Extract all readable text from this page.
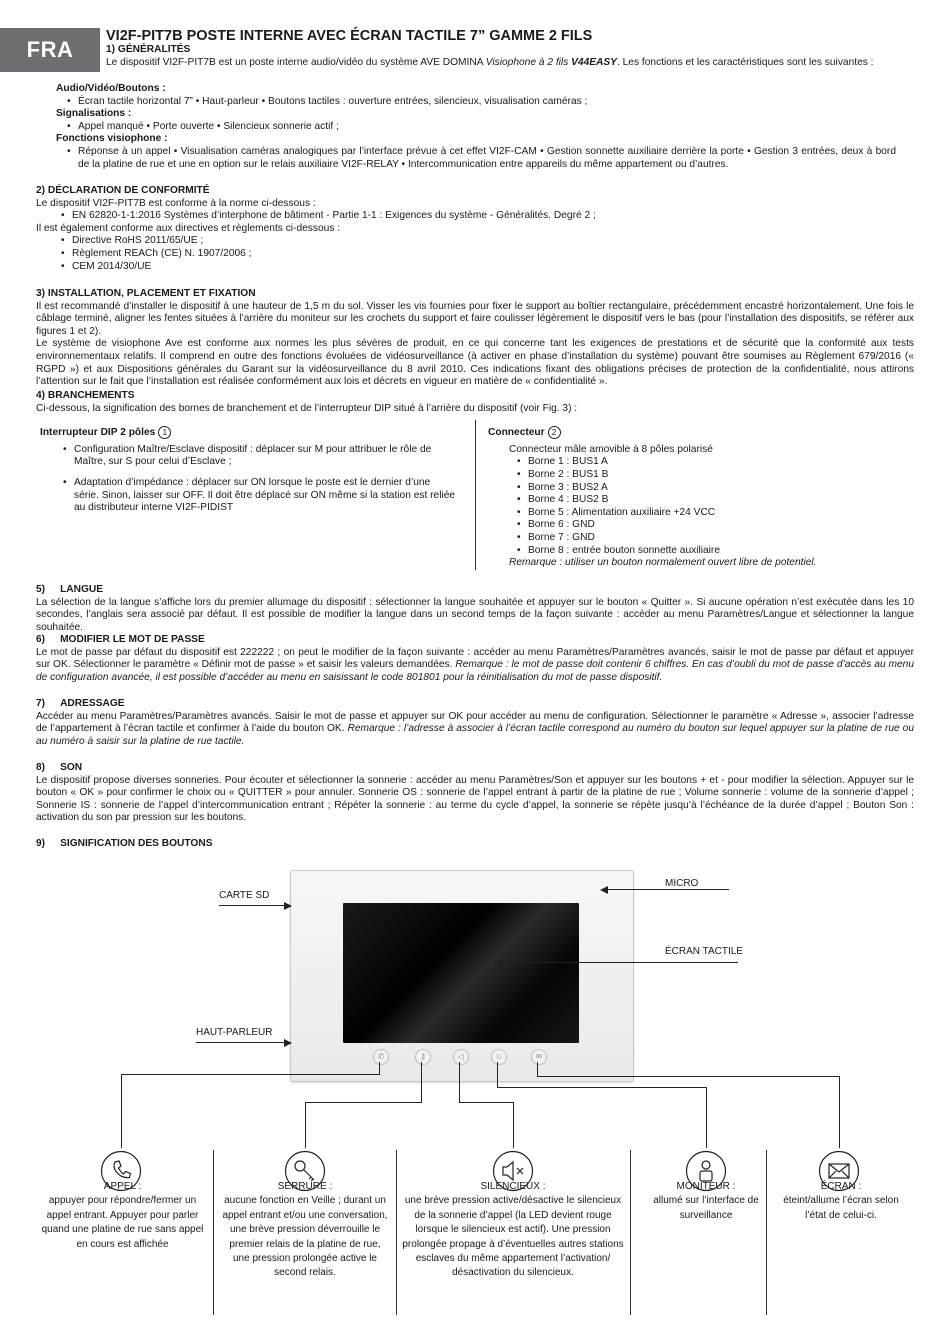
FRA
VI2F-PIT7B POSTE INTERNE AVEC ÉCRAN TACTILE 7” GAMME 2 FILS
1) GÉNÉRALITÉS
Le dispositif VI2F-PIT7B est un poste interne audio/vidéo du système AVE DOMINA Visiophone à 2 fils V44EASY. Les fonctions et les caractéristiques sont les suivantes :
Audio/Vidéo/Boutons :
• Écran tactile horizontal 7” • Haut-parleur • Boutons tactiles : ouverture entrées, silencieux, visualisation caméras ;
Signalisations :
• Appel manqué • Porte ouverte • Silencieux sonnerie actif ;
Fonctions visiophone :
• Réponse à un appel • Visualisation caméras analogiques par l’interface prévue à cet effet VI2F-CAM • Gestion sonnette auxiliaire derrière la porte • Gestion 3 entrées, deux à bord de la platine de rue et une en option sur le relais auxiliaire VI2F-RELAY • Intercommunication entre appareils du même appartement ou d’autres.
2) DÉCLARATION DE CONFORMITÉ
Le dispositif VI2F-PIT7B est conforme à la norme ci-dessous :
• EN 62820-1-1:2016 Systèmes d’interphone de bâtiment - Partie 1-1 : Exigences du système - Généralités. Degré 2 ;
Il est également conforme aux directives et règlements ci-dessous :
• Directive RoHS 2011/65/UE ;
• Règlement REACh (CE) N. 1907/2006 ;
• CEM 2014/30/UE
3) INSTALLATION, PLACEMENT ET FIXATION
Il est recommandé d’installer le dispositif à une hauteur de 1,5 m du sol. Visser les vis fournies pour fixer le support au boîtier rectangulaire, précédemment encastré horizontalement. Une fois le câblage terminé, aligner les fentes situées à l’arrière du moniteur sur les crochets du support et faire coulisser légèrement le dispositif vers le bas (pour l’installation des dispositifs, se référer aux figures 1 et 2).
Le système de visiophone Ave est conforme aux normes les plus sévères de produit, en ce qui concerne tant les exigences de prestations et de sécurité que la conformité aux tests environnementaux relatifs. Il comprend en outre des fonctions évoluées de vidéosurveillance (à activer en phase d’installation du système) pouvant être soumises au Règlement 679/2016 (« RGPD ») et aux Dispositions générales du Garant sur la vidéosurveillance du 8 avril 2010. Ces indications fixant des obligations précises de protection de la confidentialité, nous attirons l’attention sur le fait que l’installation est réalisée conformément aux lois et décrets en vigueur en matière de « confidentialité ».
4) BRANCHEMENTS
Ci-dessous, la signification des bornes de branchement et de l’interrupteur DIP situé à l’arrière du dispositif (voir Fig. 3) :
Interrupteur DIP 2 pôles 1
• Configuration Maître/Esclave dispositif : déplacer sur M pour attribuer le rôle de Maître, sur S pour celui d’Esclave ;
• Adaptation d’impédance : déplacer sur ON lorsque le poste est le dernier d’une série. Sinon, laisser sur OFF. Il doit être déplacé sur ON même si la station est reliée au distributeur interne VI2F-PIDIST
Connecteur 2
Connecteur mâle amovible à 8 pôles polarisé
• Borne 1 : BUS1 A
• Borne 2 : BUS1 B
• Borne 3 : BUS2 A
• Borne 4 : BUS2 B
• Borne 5 : Alimentation auxiliaire +24 VCC
• Borne 6 : GND
• Borne 7 : GND
• Borne 8 : entrée bouton sonnette auxiliaire
Remarque : utiliser un bouton normalement ouvert libre de potentiel.
5) LANGUE
La sélection de la langue s’affiche lors du premier allumage du dispositif : sélectionner la langue souhaitée et appuyer sur le bouton « Quitter ». Si aucune opération n’est exécutée dans les 10 secondes, l’anglais sera associé par défaut. Il est possible de modifier la langue dans un second temps de la façon suivante : accéder au menu Paramètres/Langue et sélectionner la langue souhaitée.
6) MODIFIER LE MOT DE PASSE
Le mot de passe par défaut du dispositif est 222222 ; on peut le modifier de la façon suivante : accéder au menu Paramètres/Paramètres avancés, saisir le mot de passe par défaut et appuyer sur OK. Sélectionner le paramètre « Définir mot de passe » et saisir les valeurs demandées. Remarque : le mot de passe doit contenir 6 chiffres. En cas d’oubli du mot de passe d’accès au menu de configuration avancée, il est possible d’accéder au menu en saisissant le code 801801 pour la réinitialisation du mot de passe dispositif.
7) ADRESSAGE
Accéder au menu Paramètres/Paramètres avancés. Saisir le mot de passe et appuyer sur OK pour accéder au menu de configuration. Sélectionner le paramètre « Adresse », associer l’adresse de l’appartement à l’écran tactile et confirmer à l’aide du bouton OK. Remarque : l’adresse à associer à l’écran tactile correspond au numéro du bouton sur lequel appuyer sur la platine de rue ou au numéro à saisir sur la platine de rue tactile.
8) SON
Le dispositif propose diverses sonneries. Pour écouter et sélectionner la sonnerie : accéder au menu Paramètres/Son et appuyer sur les boutons + et - pour modifier la sélection. Appuyer sur le bouton « OK » pour confirmer le choix ou « QUITTER » pour annuler. Sonnerie OS : sonnerie de l’appel entrant à partir de la platine de rue ; Volume sonnerie : volume de la sonnerie d’appel ; Sonnerie IS : sonnerie de l’appel d’intercommunication entrant ; Répéter la sonnerie : au terme du cycle d’appel, la sonnerie se répète jusqu’à l’échéance de la durée d’appel ; Bouton Son : activation du son par pression sur les boutons.
9) SIGNIFICATION DES BOUTONS
✆	⚷	◁	☺	✉
CARTE SD
MICRO
ÉCRAN TACTILE
HAUT-PARLEUR
APPEL :
appuyer pour répondre/fermer un appel entrant. Appuyer pour parler quand une platine de rue sans appel en cours est affichée
SERRURE :
aucune fonction en Veille ; durant un appel entrant et/ou une conversation, une brève pression déverrouille le premier relais de la platine de rue, une pression prolongée active le second relais.
SILENCIEUX :
une brève pression active/désactive le silencieux de la sonnerie d’appel (la LED devient rouge lorsque le silencieux est actif). Une pression prolongée propage à d’éventuelles autres stations esclaves du même appartement l’activation/ désactivation du silencieux.
MONITEUR :
allumé sur l’interface de surveillance
ÉCRAN :
éteint/allume l’écran selon l’état de celui-ci.
